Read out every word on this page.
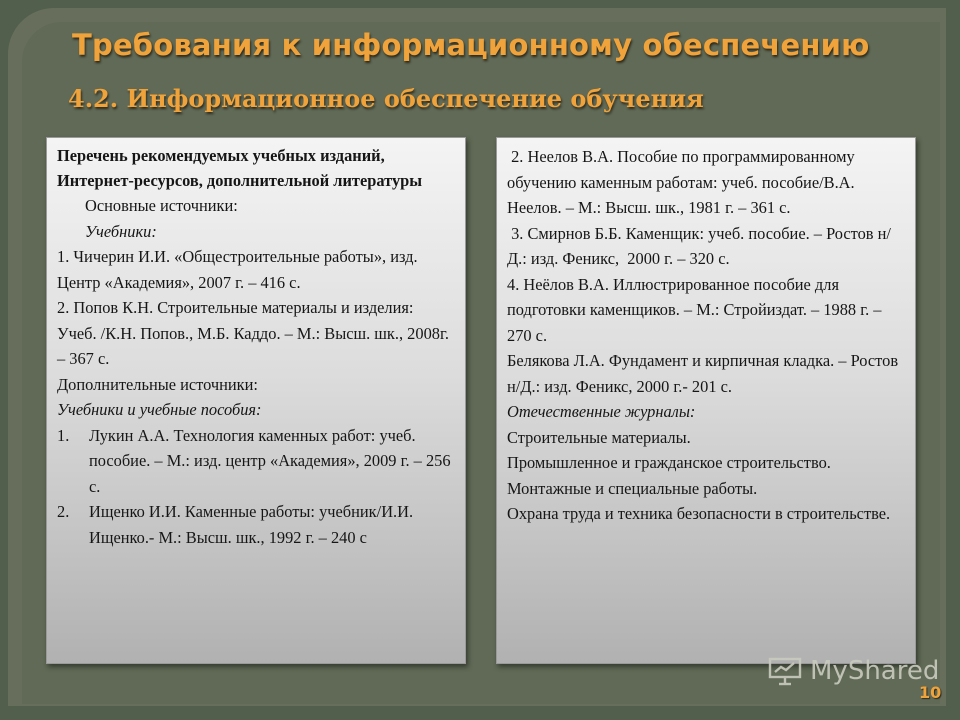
Требования к информационному обеспечению
4.2. Информационное обеспечение обучения

Перечень рекомендуемых учебных изданий, Интернет-ресурсов, дополнительной литературы

Основные источники:

Учебники:

1. Чичерин И.И. «Общестроительные работы», изд. Центр «Академия», 2007 г. – 416 с.

2. Попов К.Н. Строительные материалы и изделия: Учеб. /К.Н. Попов., М.Б. Каддо. – М.: Высш. шк., 2008г. – 367 с.

Дополнительные источники:

Учебники и учебные пособия:

1.	Лукин А.А. Технология каменных работ: учеб. пособие. – М.: изд. центр «Академия», 2009 г. – 256 с.
2.	Ищенко И.И. Каменные работы: учебник/И.И. Ищенко.- М.: Высш. шк., 1992 г. – 240 с

2. Неелов В.А. Пособие по программированному обучению каменным работам: учеб. пособие/В.А. Неелов. – М.: Высш. шк., 1981 г. – 361 с.

3. Смирнов Б.Б. Каменщик: учеб. пособие. – Ростов н/Д.: изд. Феникс,  2000 г. – 320 с.

4. Неёлов В.А. Иллюстрированное пособие для подготовки каменщиков. – М.: Стройиздат. – 1988 г. – 270 с.

Белякова Л.А. Фундамент и кирпичная кладка. – Ростов н/Д.: изд. Феникс, 2000 г.- 201 с.

Отечественные журналы:

Строительные материалы.

Промышленное и гражданское строительство.

Монтажные и специальные работы.

Охрана труда и техника безопасности в строительстве.

MyShared
10
